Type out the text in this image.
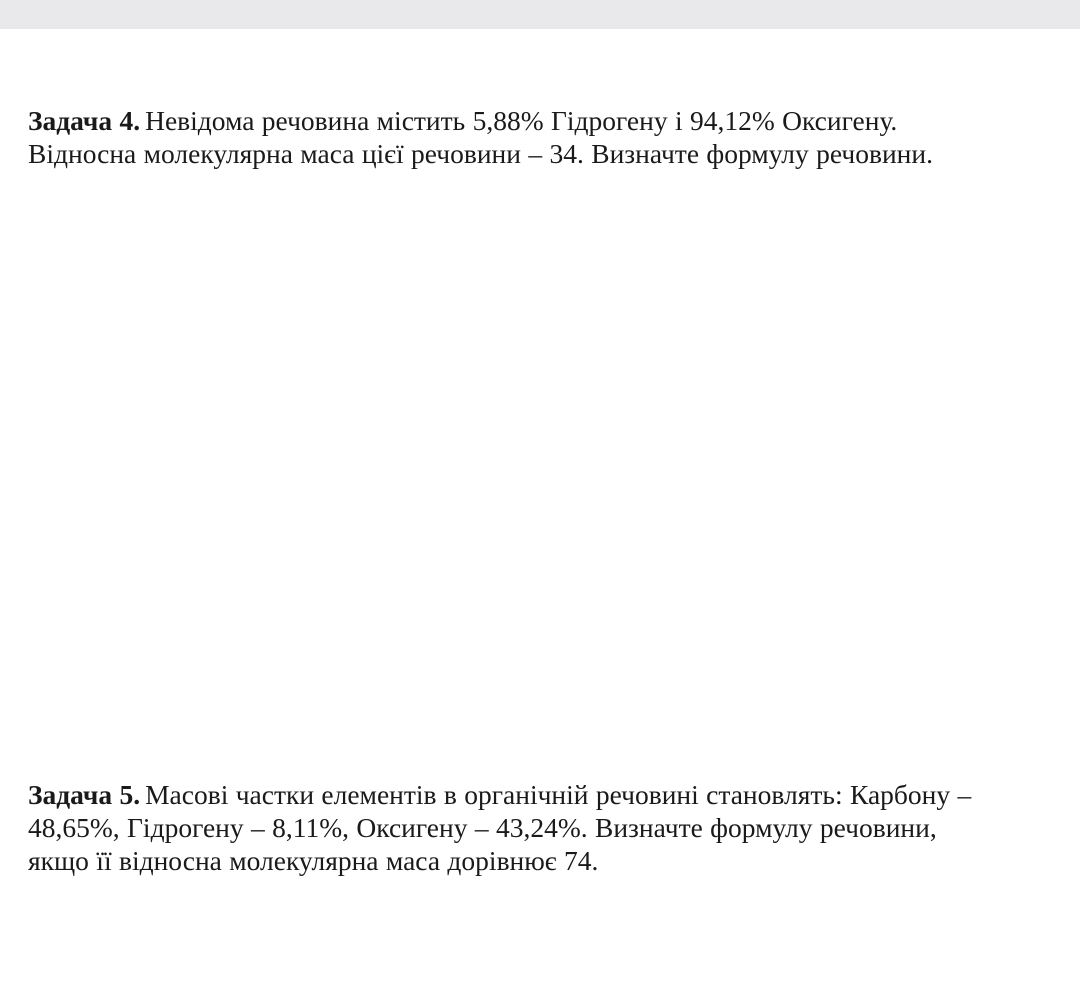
Задача 4. Невідома речовина містить 5,88% Гідрогену і 94,12% Оксигену.
Відносна молекулярна маса цієї речовини – 34. Визначте формулу речовини.
Задача 5. Масові частки елементів в органічній речовині становлять: Карбону –
48,65%, Гідрогену – 8,11%, Оксигену – 43,24%. Визначте формулу речовини,
якщо її відносна молекулярна маса дорівнює 74.
